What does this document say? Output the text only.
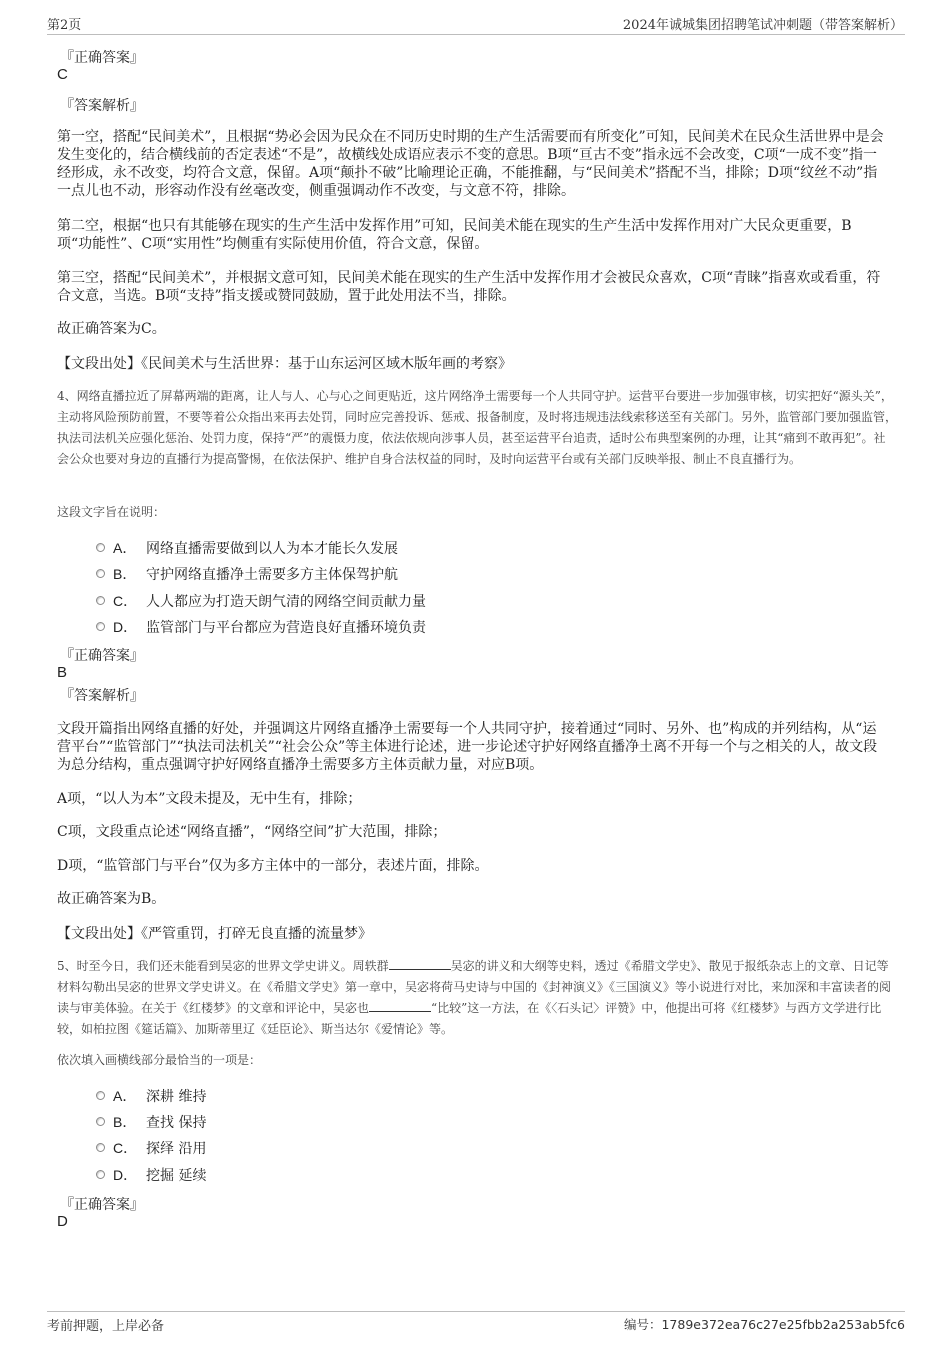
第2页	2024年诚城集团招聘笔试冲刺题（带答案解析）
『正确答案』
C
『答案解析』
第一空，搭配“民间美术”，且根据“势必会因为民众在不同历史时期的生产生活需要而有所变化”可知，民间美术在民众生活世界中是会发生变化的，结合横线前的否定表述“不是”，故横线处成语应表示不变的意思。B项“亘古不变”指永远不会改变，C项“一成不变”指一经形成，永不改变，均符合文意，保留。A项“颠扑不破”比喻理论正确，不能推翻，与“民间美术”搭配不当，排除；D项“纹丝不动”指一点儿也不动，形容动作没有丝毫改变，侧重强调动作不改变，与文意不符，排除。
第二空，根据“也只有其能够在现实的生产生活中发挥作用”可知，民间美术能在现实的生产生活中发挥作用对广大民众更重要，B项“功能性”、C项“实用性”均侧重有实际使用价值，符合文意，保留。
第三空，搭配“民间美术”，并根据文意可知，民间美术能在现实的生产生活中发挥作用才会被民众喜欢，C项“青睐”指喜欢或看重，符合文意，当选。B项“支持”指支援或赞同鼓励，置于此处用法不当，排除。
故正确答案为C。
【文段出处】《民间美术与生活世界：基于山东运河区域木版年画的考察》
4、网络直播拉近了屏幕两端的距离，让人与人、心与心之间更贴近，这片网络净土需要每一个人共同守护。运营平台要进一步加强审核，切实把好“源头关”，主动将风险预防前置，不要等着公众指出来再去处罚，同时应完善投诉、惩戒、报备制度，及时将违规违法线索移送至有关部门。另外，监管部门要加强监管，执法司法机关应强化惩治、处罚力度，保持“严”的震慑力度，依法依规向涉事人员，甚至运营平台追责，适时公布典型案例的办理，让其“痛到不敢再犯”。社会公众也要对身边的直播行为提高警惕，在依法保护、维护自身合法权益的同时，及时向运营平台或有关部门反映举报、制止不良直播行为。
这段文字旨在说明：
A． 网络直播需要做到以人为本才能长久发展
B． 守护网络直播净土需要多方主体保驾护航
C． 人人都应为打造天朗气清的网络空间贡献力量
D． 监管部门与平台都应为营造良好直播环境负责
『正确答案』
B
『答案解析』
文段开篇指出网络直播的好处，并强调这片网络直播净土需要每一个人共同守护，接着通过“同时、另外、也”构成的并列结构，从“运营平台”“监管部门”“执法司法机关”“社会公众”等主体进行论述，进一步论述守护好网络直播净土离不开每一个与之相关的人，故文段为总分结构，重点强调守护好网络直播净土需要多方主体贡献力量，对应B项。
A项，“以人为本”文段未提及，无中生有，排除；
C项，文段重点论述“网络直播”，“网络空间”扩大范围，排除；
D项，“监管部门与平台”仅为多方主体中的一部分，表述片面，排除。
故正确答案为B。
【文段出处】《严管重罚，打碎无良直播的流量梦》
5、时至今日，我们还未能看到吴宓的世界文学史讲义。周轶群	吴宓的讲义和大纲等史料，透过《希腊文学史》、散见于报纸杂志上的文章、日记等材料勾勒出吴宓的世界文学史讲义。在《希腊文学史》第一章中，吴宓将荷马史诗与中国的《封神演义》《三国演义》等小说进行对比，来加深和丰富读者的阅读与审美体验。在关于《红楼梦》的文章和评论中，吴宓也	“比较”这一方法，在《〈石头记〉评赞》中，他提出可将《红楼梦》与西方文学进行比较，如柏拉图《筵话篇》、加斯蒂里辽《廷臣论》、斯当达尔《爱情论》等。
依次填入画横线部分最恰当的一项是：
A． 深耕 维持
B． 查找 保持
C． 探绎 沿用
D． 挖掘 延续
『正确答案』
D
考前押题，上岸必备	编号：1789e372ea76c27e25fbb2a253ab5fc6
